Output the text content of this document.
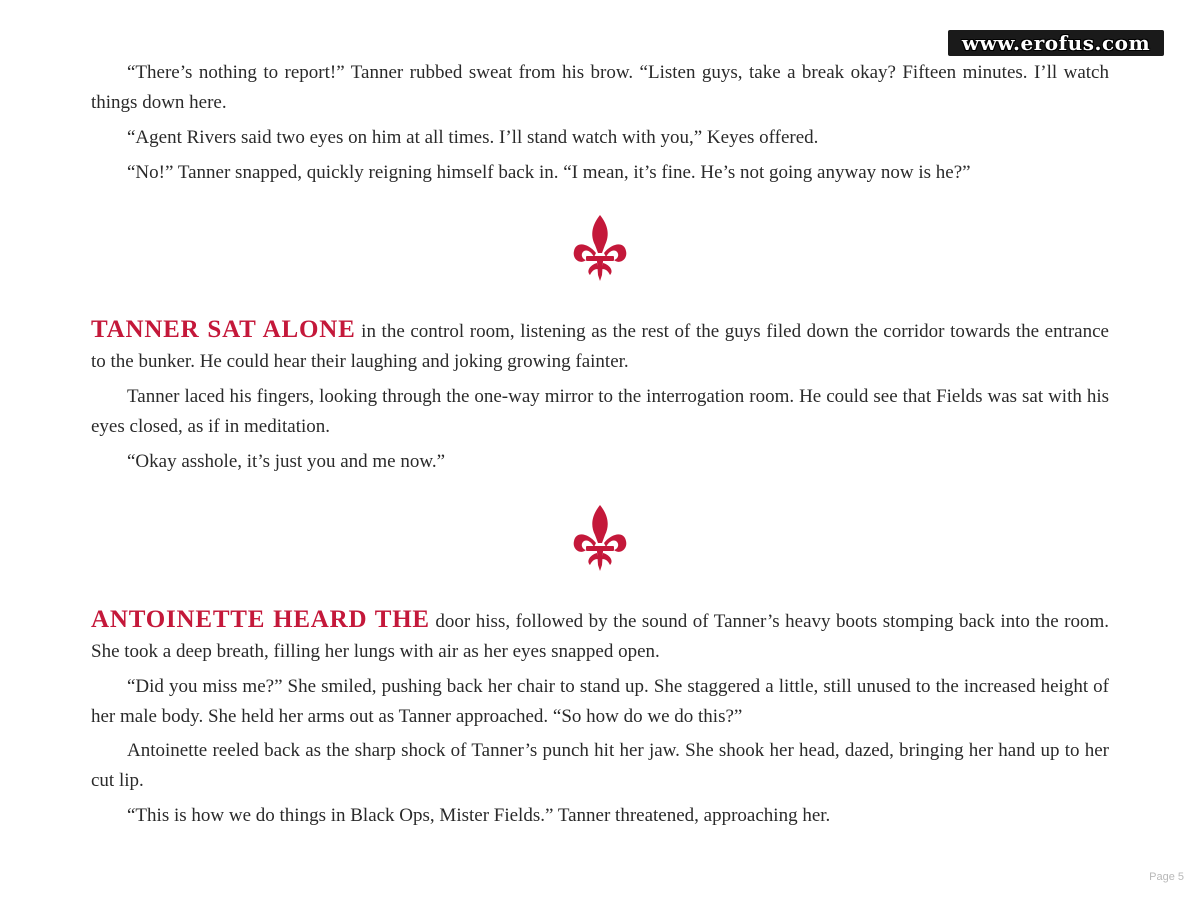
www.erofus.com

“There’s nothing to report!” Tanner rubbed sweat from his brow. “Listen guys, take a break okay? Fifteen minutes. I’ll watch things down here.

“Agent Rivers said two eyes on him at all times. I’ll stand watch with you,” Keyes offered.

“No!” Tanner snapped, quickly reigning himself back in. “I mean, it’s fine. He’s not going anyway now is he?”

TANNER SAT ALONE in the control room, listening as the rest of the guys filed down the corridor towards the entrance to the bunker. He could hear their laughing and joking growing fainter.

Tanner laced his fingers, looking through the one-way mirror to the interrogation room. He could see that Fields was sat with his eyes closed, as if in meditation.

“Okay asshole, it’s just you and me now.”

ANTOINETTE HEARD THE door hiss, followed by the sound of Tanner’s heavy boots stomping back into the room. She took a deep breath, filling her lungs with air as her eyes snapped open.

“Did you miss me?” She smiled, pushing back her chair to stand up. She staggered a little, still unused to the increased height of her male body. She held her arms out as Tanner approached. “So how do we do this?”

Antoinette reeled back as the sharp shock of Tanner’s punch hit her jaw. She shook her head, dazed, bringing her hand up to her cut lip.

“This is how we do things in Black Ops, Mister Fields.” Tanner threatened, approaching her.

Page 5
